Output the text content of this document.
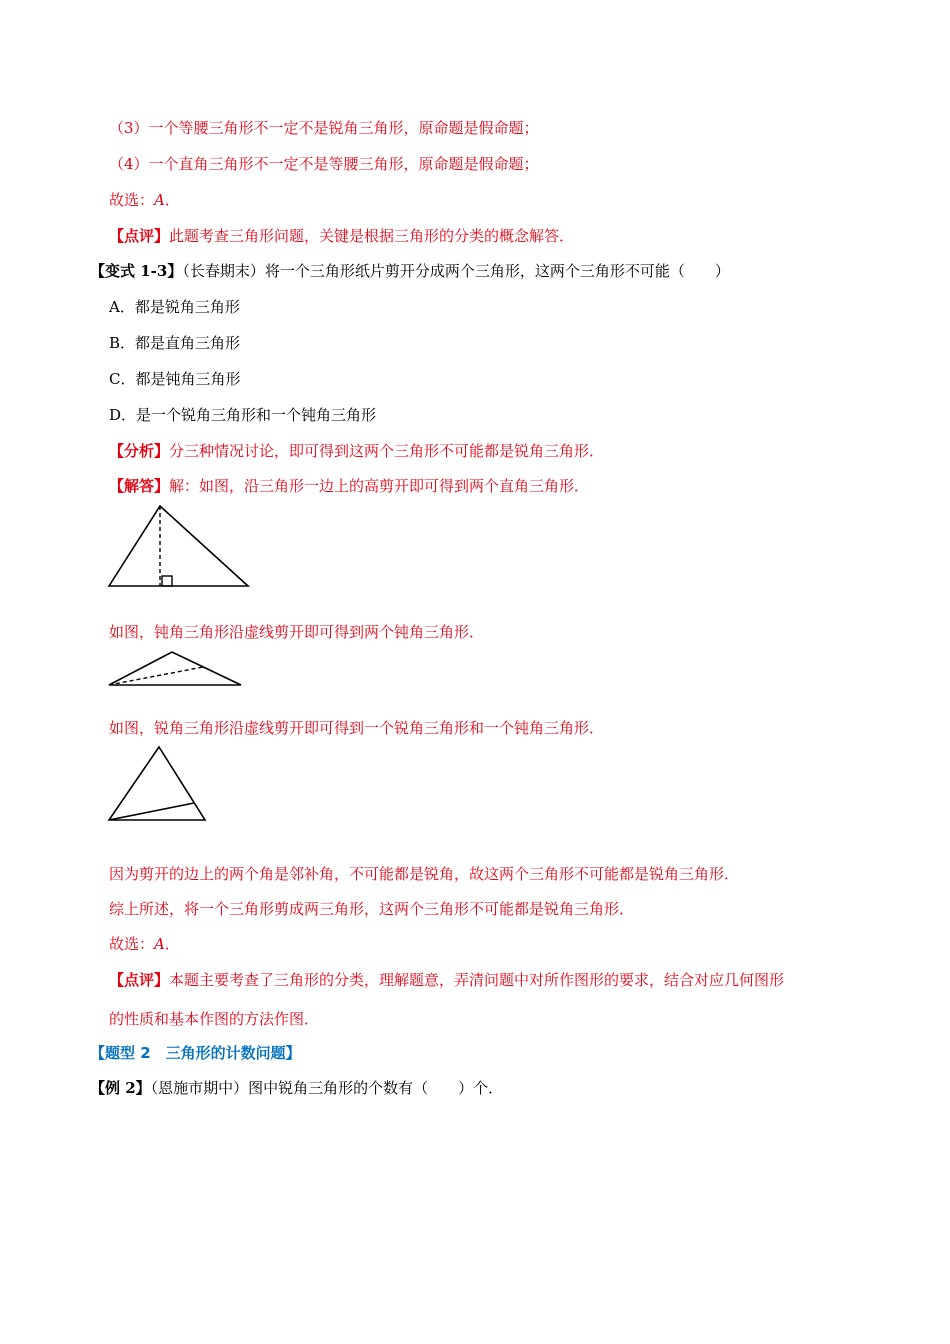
（3）一个等腰三角形不一定不是锐角三角形，原命题是假命题；
（4）一个直角三角形不一定不是等腰三角形，原命题是假命题；
故选：A．
【点评】此题考查三角形问题，关键是根据三角形的分类的概念解答．
【变式 1-3】（长春期末）将一个三角形纸片剪开分成两个三角形，这两个三角形不可能（　　）
A．都是锐角三角形
B．都是直角三角形
C．都是钝角三角形
D．是一个锐角三角形和一个钝角三角形
【分析】分三种情况讨论，即可得到这两个三角形不可能都是锐角三角形．
【解答】解：如图，沿三角形一边上的高剪开即可得到两个直角三角形．
如图，钝角三角形沿虚线剪开即可得到两个钝角三角形．
如图，锐角三角形沿虚线剪开即可得到一个锐角三角形和一个钝角三角形．
因为剪开的边上的两个角是邻补角，不可能都是锐角，故这两个三角形不可能都是锐角三角形．
综上所述，将一个三角形剪成两三角形，这两个三角形不可能都是锐角三角形．
故选：A．
【点评】本题主要考查了三角形的分类，理解题意，弄清问题中对所作图形的要求，结合对应几何图形
的性质和基本作图的方法作图．
【题型 2　三角形的计数问题】
【例 2】（恩施市期中）图中锐角三角形的个数有（　　）个．
